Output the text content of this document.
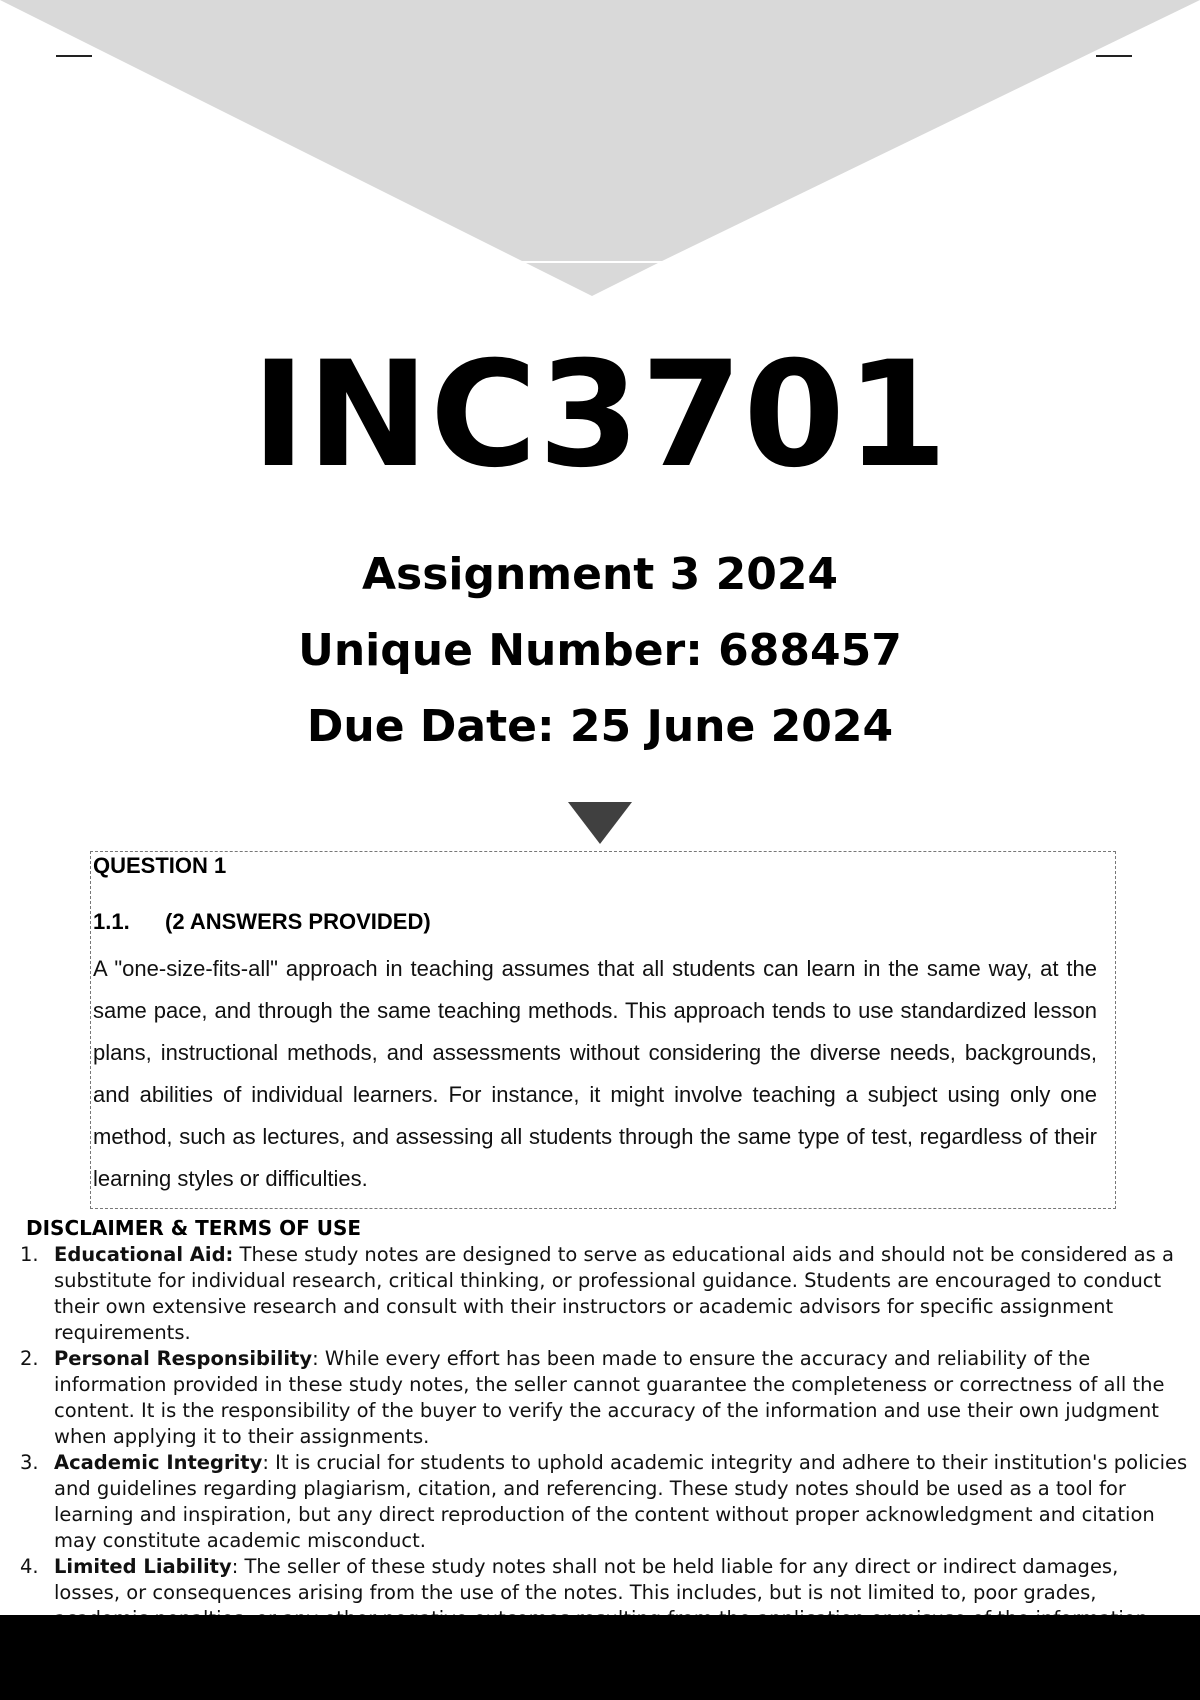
INC3701
Assignment 3 2024
Unique Number: 688457
Due Date: 25 June 2024
QUESTION 1
1.1. (2 ANSWERS PROVIDED)
A "one-size-fits-all" approach in teaching assumes that all students can learn in the same way, at the same pace, and through the same teaching methods. This approach tends to use standardized lesson plans, instructional methods, and assessments without considering the diverse needs, backgrounds, and abilities of individual learners. For instance, it might involve teaching a subject using only one method, such as lectures, and assessing all students through the same type of test, regardless of their learning styles or difficulties.
DISCLAIMER & TERMS OF USE
1. Educational Aid: These study notes are designed to serve as educational aids and should not be considered as a substitute for individual research, critical thinking, or professional guidance. Students are encouraged to conduct their own extensive research and consult with their instructors or academic advisors for specific assignment requirements.
2. Personal Responsibility: While every effort has been made to ensure the accuracy and reliability of the information provided in these study notes, the seller cannot guarantee the completeness or correctness of all the content. It is the responsibility of the buyer to verify the accuracy of the information and use their own judgment when applying it to their assignments.
3. Academic Integrity: It is crucial for students to uphold academic integrity and adhere to their institution's policies and guidelines regarding plagiarism, citation, and referencing. These study notes should be used as a tool for learning and inspiration, but any direct reproduction of the content without proper acknowledgment and citation may constitute academic misconduct.
4. Limited Liability: The seller of these study notes shall not be held liable for any direct or indirect damages, losses, or consequences arising from the use of the notes. This includes, but is not limited to, poor grades,
